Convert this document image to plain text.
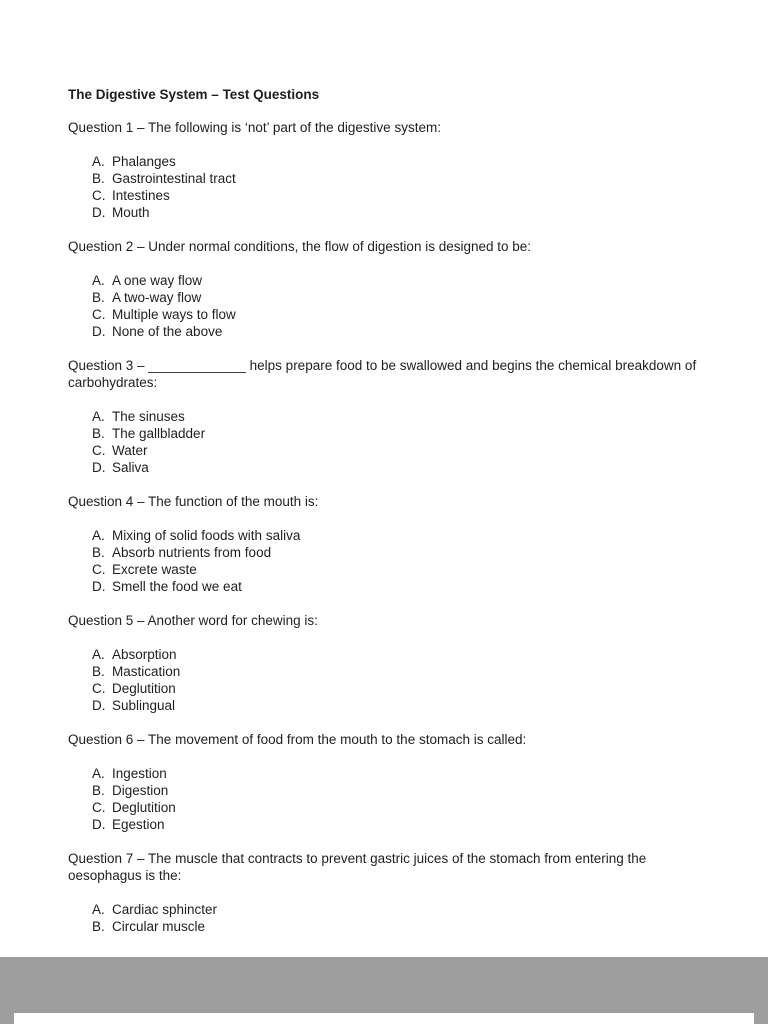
The Digestive System – Test Questions
Question 1 – The following is ‘not’ part of the digestive system:
A. Phalanges
B. Gastrointestinal tract
C. Intestines
D. Mouth
Question 2 – Under normal conditions, the flow of digestion is designed to be:
A. A one way flow
B. A two-way flow
C. Multiple ways to flow
D. None of the above
Question 3 – _____________ helps prepare food to be swallowed and begins the chemical breakdown of carbohydrates:
A. The sinuses
B. The gallbladder
C. Water
D. Saliva
Question 4 – The function of the mouth is:
A. Mixing of solid foods with saliva
B. Absorb nutrients from food
C. Excrete waste
D. Smell the food we eat
Question 5 – Another word for chewing is:
A. Absorption
B. Mastication
C. Deglutition
D. Sublingual
Question 6 – The movement of food from the mouth to the stomach is called:
A. Ingestion
B. Digestion
C. Deglutition
D. Egestion
Question 7 – The muscle that contracts to prevent gastric juices of the stomach from entering the oesophagus is the:
A. Cardiac sphincter
B. Circular muscle
